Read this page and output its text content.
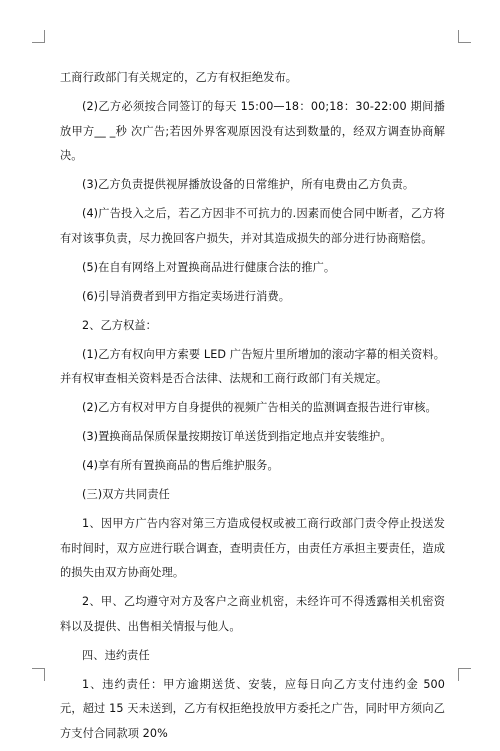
工商行政部门有关规定的，乙方有权拒绝发布。

(2)乙方必须按合同签订的每天 15:00—18：00;18：30-22:00 期间播放甲方__ _秒 次广告;若因外界客观原因没有达到数量的，经双方调查协商解决。

(3)乙方负责提供视屏播放设备的日常维护，所有电费由乙方负责。

(4)广告投入之后，若乙方因非不可抗力的.因素而使合同中断者，乙方将有对该事负责，尽力挽回客户损失，并对其造成损失的部分进行协商赔偿。

(5)在自有网络上对置换商品进行健康合法的推广。

(6)引导消费者到甲方指定卖场进行消费。

2、乙方权益：

(1)乙方有权向甲方索要 LED 广告短片里所增加的滚动字幕的相关资料。并有权审查相关资料是否合法律、法规和工商行政部门有关规定。

(2)乙方有权对甲方自身提供的视频广告相关的监测调查报告进行审核。

(3)置换商品保质保量按期按订单送货到指定地点并安装维护。

(4)享有所有置换商品的售后维护服务。

(三)双方共同责任

1、因甲方广告内容对第三方造成侵权或被工商行政部门责令停止投送发布时间时，双方应进行联合调查，查明责任方，由责任方承担主要责任，造成的损失由双方协商处理。

2、甲、乙均遵守对方及客户之商业机密，未经许可不得透露相关机密资料以及提供、出售相关情报与他人。

四、违约责任

1、违约责任：甲方逾期送货、安装，应每日向乙方支付违约金 500 元，超过 15 天未送到，乙方有权拒绝投放甲方委托之广告，同时甲方须向乙方支付合同款项 20%
